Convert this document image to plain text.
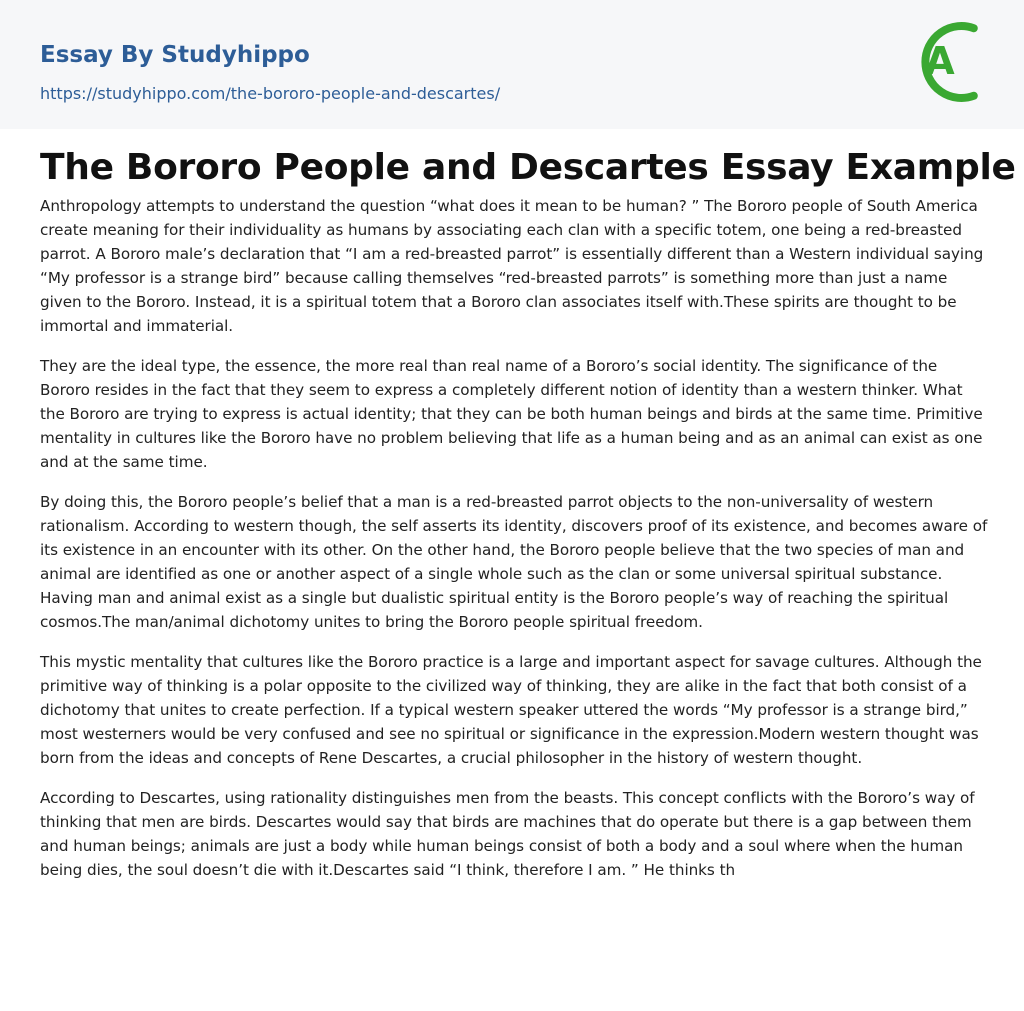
Essay By Studyhippo
https://studyhippo.com/the-bororo-people-and-descartes/
A
The Bororo People and Descartes Essay Example

Anthropology attempts to understand the question “what does it mean to be human? ” The Bororo people of South America create meaning for their individuality as humans by associating each clan with a specific totem, one being a red-breasted parrot. A Bororo male’s declaration that “I am a red-breasted parrot” is essentially different than a Western individual saying “My professor is a strange bird” because calling themselves “red-breasted parrots” is something more than just a name given to the Bororo. Instead, it is a spiritual totem that a Bororo clan associates itself with.These spirits are thought to be immortal and immaterial.

They are the ideal type, the essence, the more real than real name of a Bororo’s social identity. The significance of the Bororo resides in the fact that they seem to express a completely different notion of identity than a western thinker. What the Bororo are trying to express is actual identity; that they can be both human beings and birds at the same time. Primitive mentality in cultures like the Bororo have no problem believing that life as a human being and as an animal can exist as one and at the same time.

By doing this, the Bororo people’s belief that a man is a red-breasted parrot objects to the non-universality of western rationalism. According to western though, the self asserts its identity, discovers proof of its existence, and becomes aware of its existence in an encounter with its other. On the other hand, the Bororo people believe that the two species of man and animal are identified as one or another aspect of a single whole such as the clan or some universal spiritual substance. Having man and animal exist as a single but dualistic spiritual entity is the Bororo people’s way of reaching the spiritual cosmos.The man/animal dichotomy unites to bring the Bororo people spiritual freedom.

This mystic mentality that cultures like the Bororo practice is a large and important aspect for savage cultures. Although the primitive way of thinking is a polar opposite to the civilized way of thinking, they are alike in the fact that both consist of a dichotomy that unites to create perfection. If a typical western speaker uttered the words “My professor is a strange bird,” most westerners would be very confused and see no spiritual or significance in the expression.Modern western thought was born from the ideas and concepts of Rene Descartes, a crucial philosopher in the history of western thought.

According to Descartes, using rationality distinguishes men from the beasts. This concept conflicts with the Bororo’s way of thinking that men are birds. Descartes would say that birds are machines that do operate but there is a gap between them and human beings; animals are just a body while human beings consist of both a body and a soul where when the human being dies, the soul doesn’t die with it.Descartes said “I think, therefore I am. ” He thinks th
